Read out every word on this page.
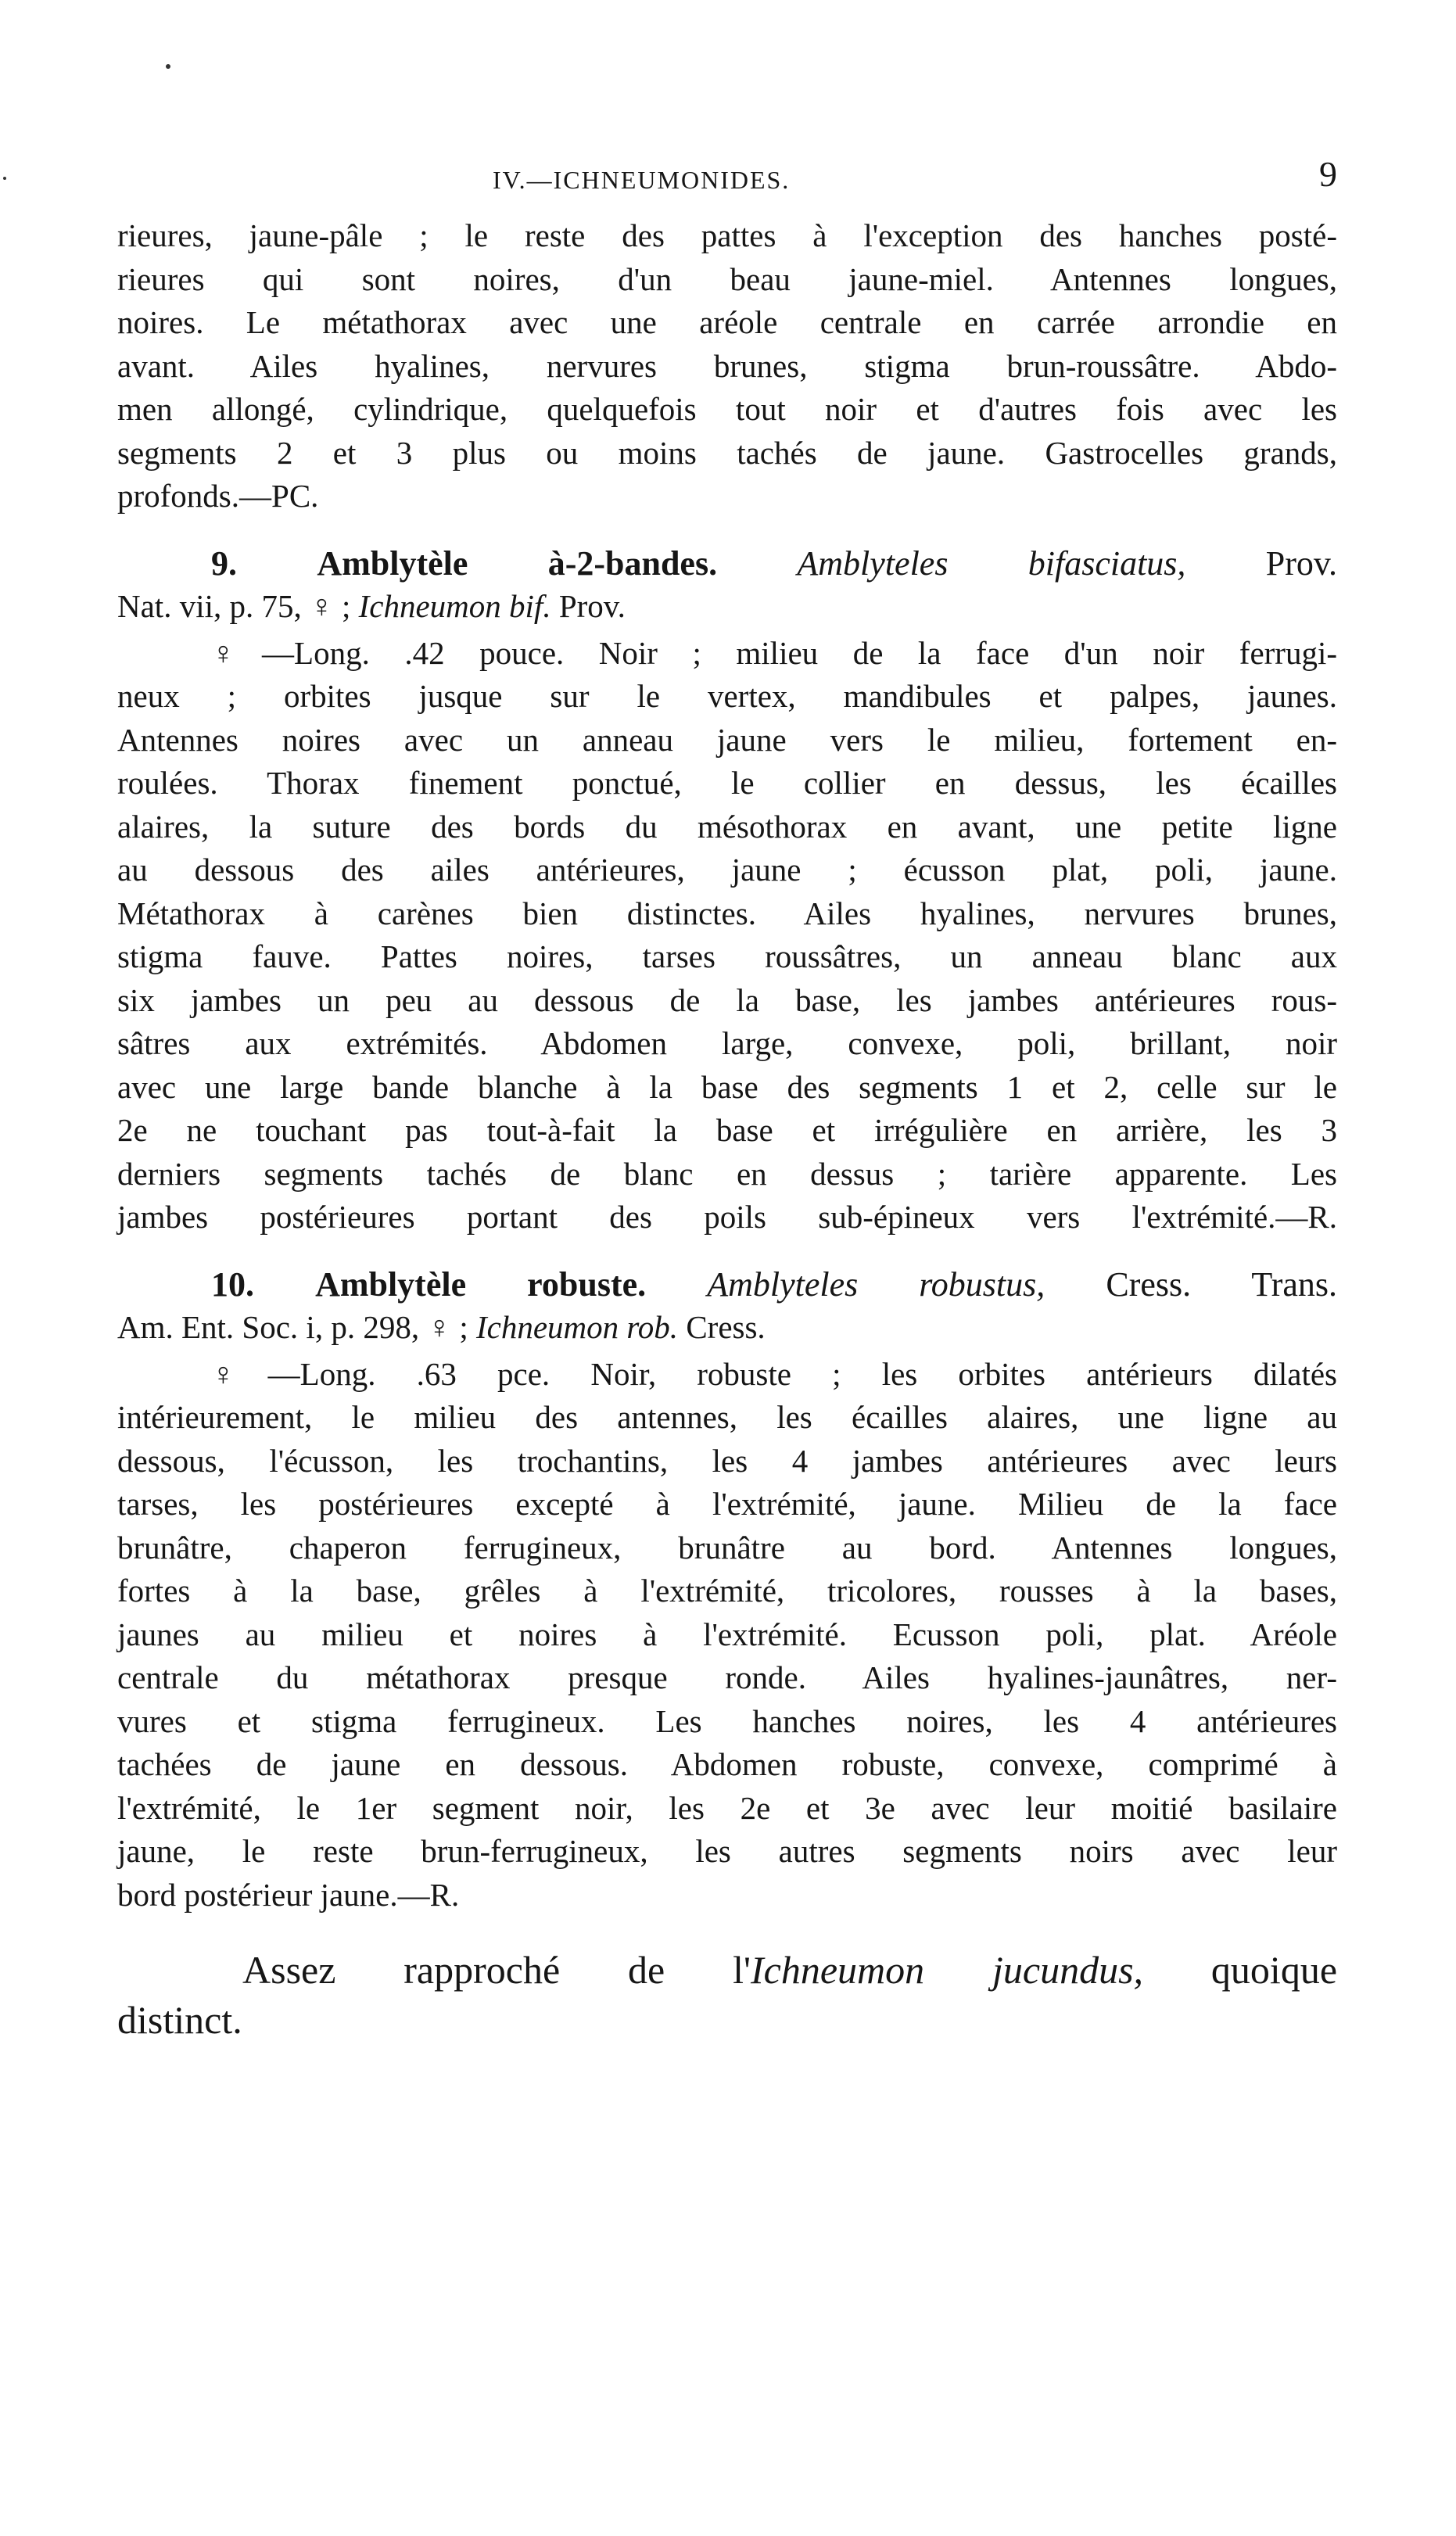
IV.—ICHNEUMONIDES.	9

rieures, jaune-pâle ; le reste des pattes à l'exception des hanches posté-
rieures qui sont noires, d'un beau jaune-miel. Antennes longues,
noires. Le métathorax avec une aréole centrale en carrée arrondie en
avant. Ailes hyalines, nervures brunes, stigma brun-roussâtre. Abdo-
men allongé, cylindrique, quelquefois tout noir et d'autres fois avec les
segments 2 et 3 plus ou moins tachés de jaune. Gastrocelles grands,
profonds.—PC.

9. Amblytèle à-2-bandes. Amblyteles bifasciatus, Prov.
Nat. vii, p. 75, ♀ ; Ichneumon bif. Prov.

♀—Long. .42 pouce. Noir ; milieu de la face d'un noir ferrugi-
neux ; orbites jusque sur le vertex, mandibules et palpes, jaunes.
Antennes noires avec un anneau jaune vers le milieu, fortement en-
roulées. Thorax finement ponctué, le collier en dessus, les écailles
alaires, la suture des bords du mésothorax en avant, une petite ligne
au dessous des ailes antérieures, jaune ; écusson plat, poli, jaune.
Métathorax à carènes bien distinctes. Ailes hyalines, nervures brunes,
stigma fauve. Pattes noires, tarses roussâtres, un anneau blanc aux
six jambes un peu au dessous de la base, les jambes antérieures rous-
sâtres aux extrémités. Abdomen large, convexe, poli, brillant, noir
avec une large bande blanche à la base des segments 1 et 2, celle sur le
2e ne touchant pas tout-à-fait la base et irrégulière en arrière, les 3
derniers segments tachés de blanc en dessus ; tarière apparente. Les
jambes postérieures portant des poils sub-épineux vers l'extrémité.—R.

10. Amblytèle robuste. Amblyteles robustus, Cress. Trans.
Am. Ent. Soc. i, p. 298, ♀ ; Ichneumon rob. Cress.

♀—Long. .63 pce. Noir, robuste ; les orbites antérieurs dilatés
intérieurement, le milieu des antennes, les écailles alaires, une ligne au
dessous, l'écusson, les trochantins, les 4 jambes antérieures avec leurs
tarses, les postérieures excepté à l'extrémité, jaune. Milieu de la face
brunâtre, chaperon ferrugineux, brunâtre au bord. Antennes longues,
fortes à la base, grêles à l'extrémité, tricolores, rousses à la bases,
jaunes au milieu et noires à l'extrémité. Ecusson poli, plat. Aréole
centrale du métathorax presque ronde. Ailes hyalines-jaunâtres, ner-
vures et stigma ferrugineux. Les hanches noires, les 4 antérieures
tachées de jaune en dessous. Abdomen robuste, convexe, comprimé à
l'extrémité, le 1er segment noir, les 2e et 3e avec leur moitié basilaire
jaune, le reste brun-ferrugineux, les autres segments noirs avec leur
bord postérieur jaune.—R.

Assez rapproché de l'Ichneumon jucundus, quoique
distinct.
